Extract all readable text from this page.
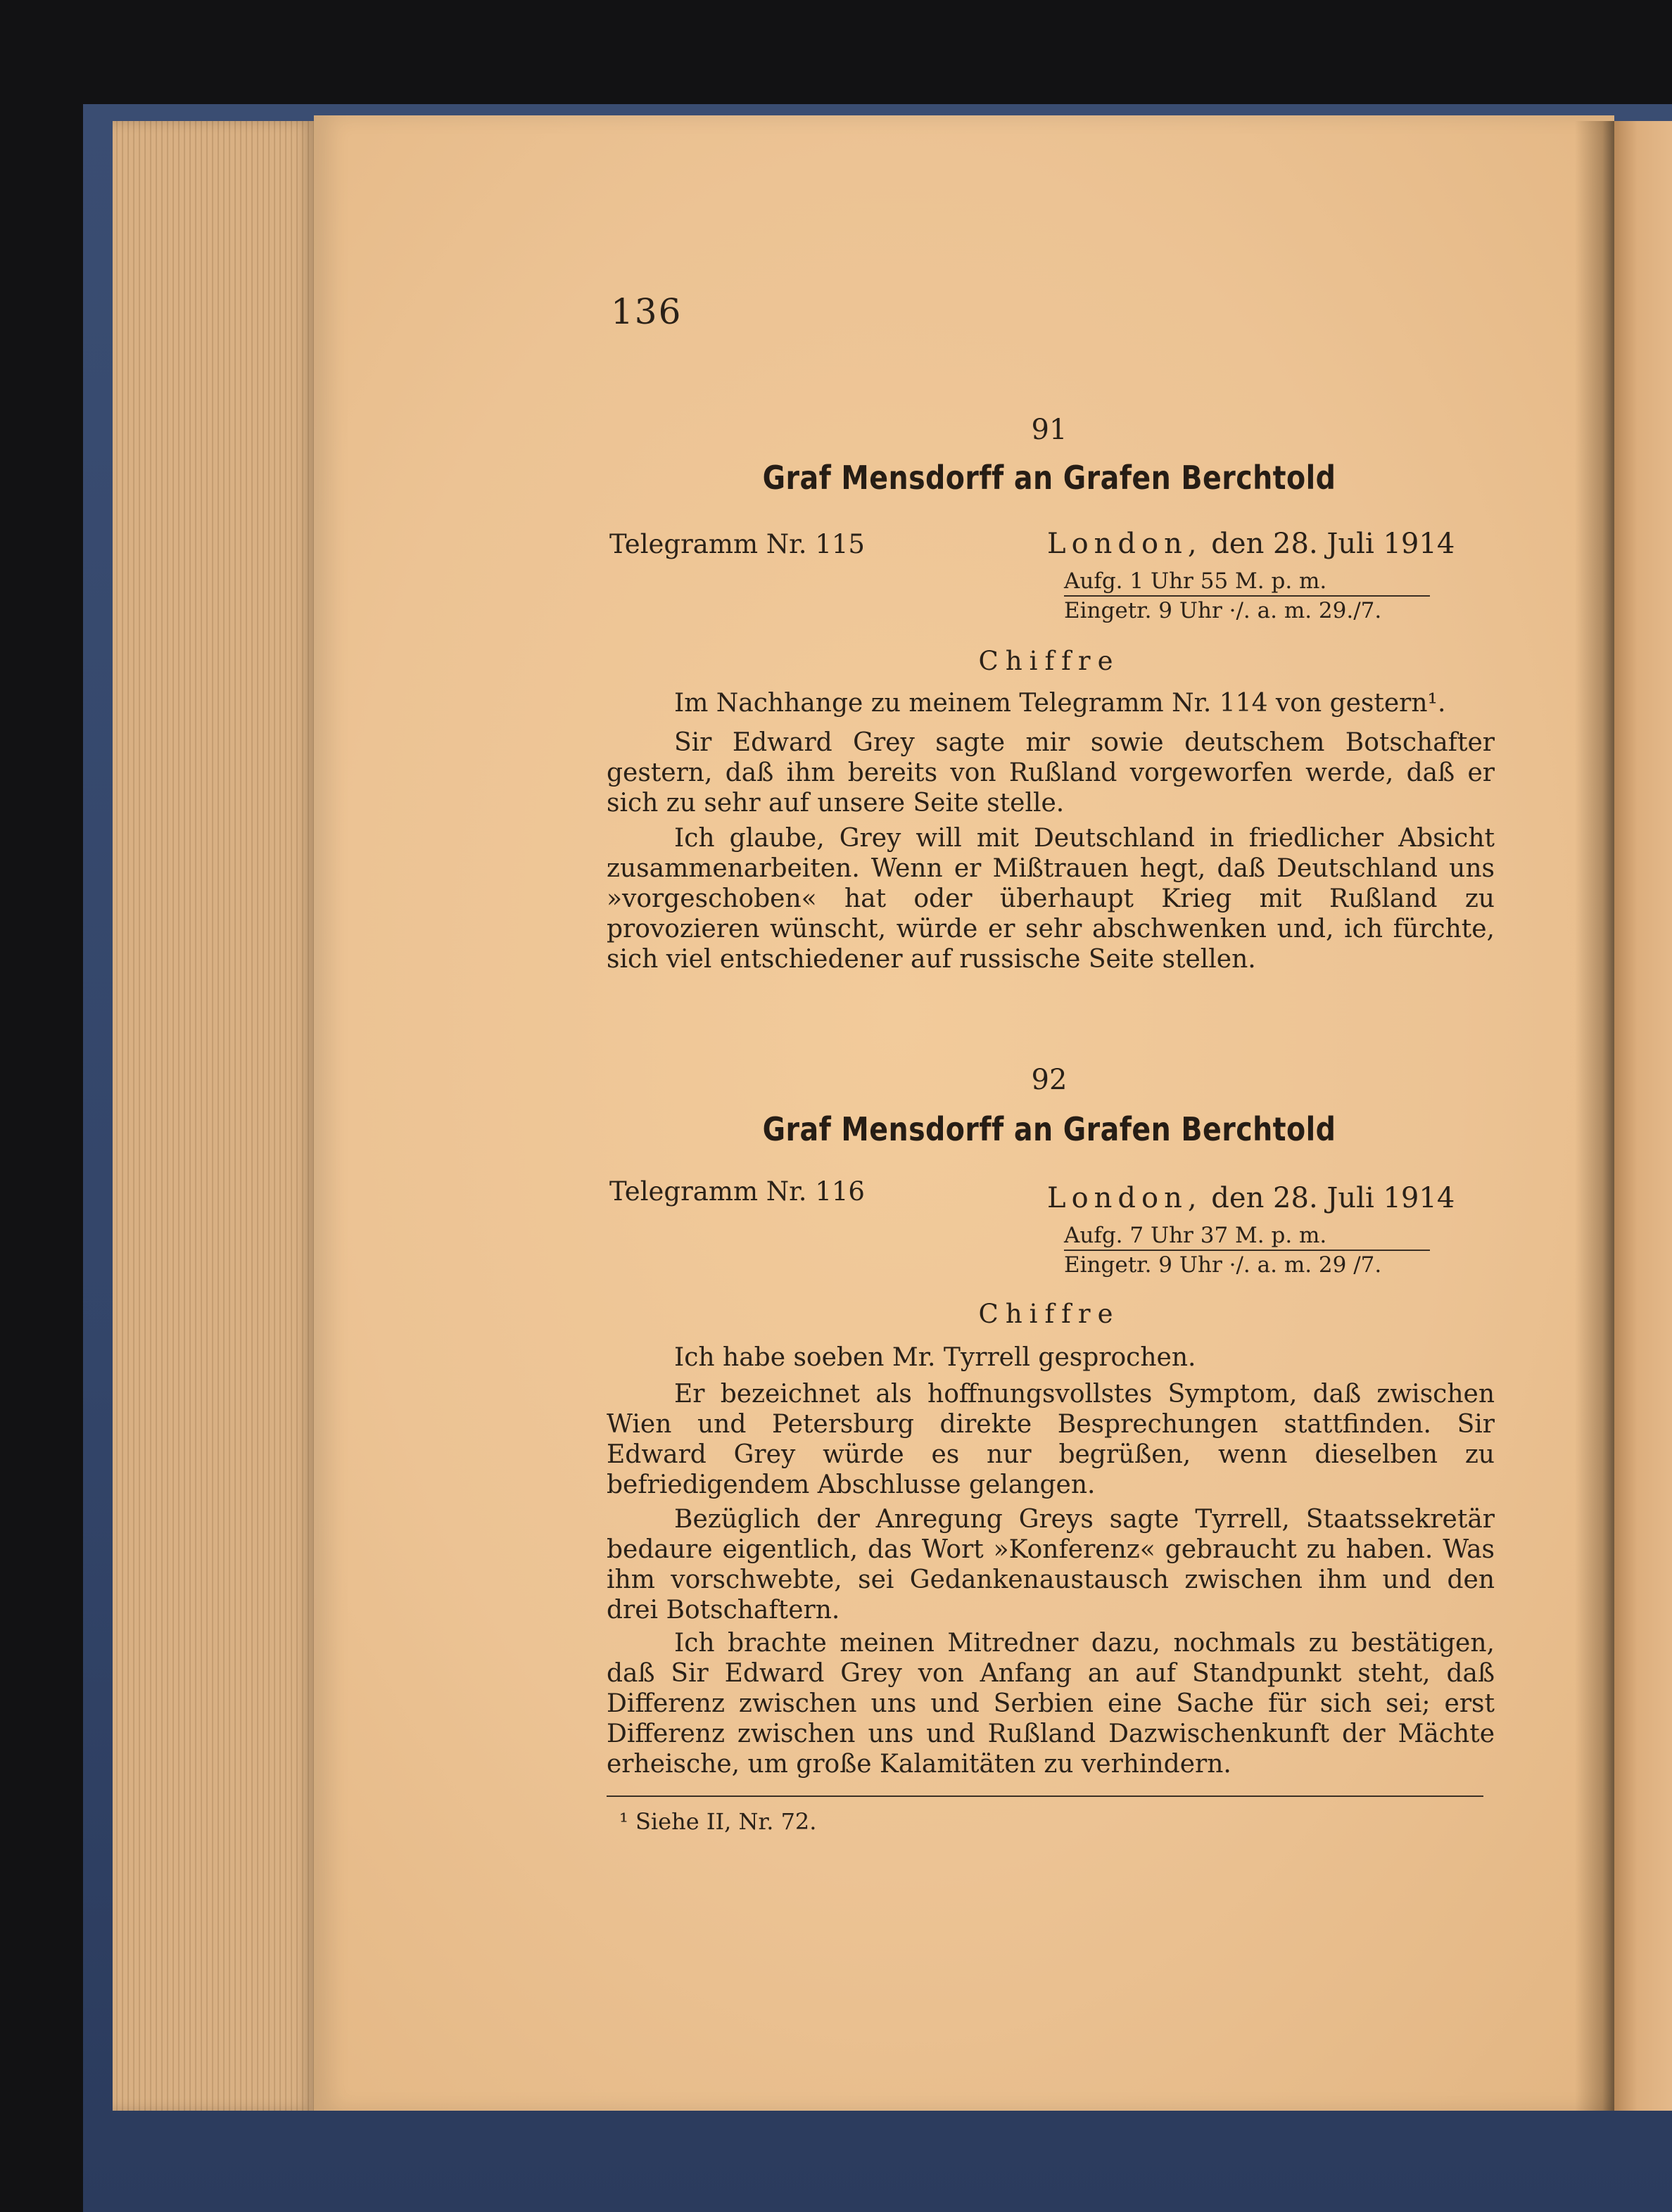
136
91
Graf Mensdorff an Grafen Berchtold
Telegramm Nr. 115	London, den 28. Juli 1914
Aufg. 1 Uhr 55 M. p. m.
Eingetr. 9 Uhr ·/. a. m. 29./7.
Chiffre

Im Nachhange zu meinem Telegramm Nr. 114 von gestern¹.

Sir Edward Grey sagte mir sowie deutschem Botschafter gestern, daß ihm bereits von Rußland vorgeworfen werde, daß er sich zu sehr auf unsere Seite stelle.

Ich glaube, Grey will mit Deutschland in friedlicher Absicht zusammenarbeiten. Wenn er Mißtrauen hegt, daß Deutschland uns »vorgeschoben« hat oder überhaupt Krieg mit Rußland zu provozieren wünscht, würde er sehr abschwenken und, ich fürchte, sich viel entschiedener auf russische Seite stellen.

92
Graf Mensdorff an Grafen Berchtold
Telegramm Nr. 116	London, den 28. Juli 1914
Aufg. 7 Uhr 37 M. p. m.
Eingetr. 9 Uhr ·/. a. m. 29 /7.
Chiffre

Ich habe soeben Mr. Tyrrell gesprochen.

Er bezeichnet als hoffnungsvollstes Symptom, daß zwischen Wien und Petersburg direkte Besprechungen stattfinden. Sir Edward Grey würde es nur begrüßen, wenn dieselben zu befriedigendem Abschlusse gelangen.

Bezüglich der Anregung Greys sagte Tyrrell, Staatssekretär bedaure eigentlich, das Wort »Konferenz« gebraucht zu haben. Was ihm vorschwebte, sei Gedankenaustausch zwischen ihm und den drei Botschaftern.

Ich brachte meinen Mitredner dazu, nochmals zu bestätigen, daß Sir Edward Grey von Anfang an auf Standpunkt steht, daß Differenz zwischen uns und Serbien eine Sache für sich sei; erst Differenz zwischen uns und Rußland Dazwischenkunft der Mächte erheische, um große Kalamitäten zu verhindern.

¹ Siehe II, Nr. 72.
